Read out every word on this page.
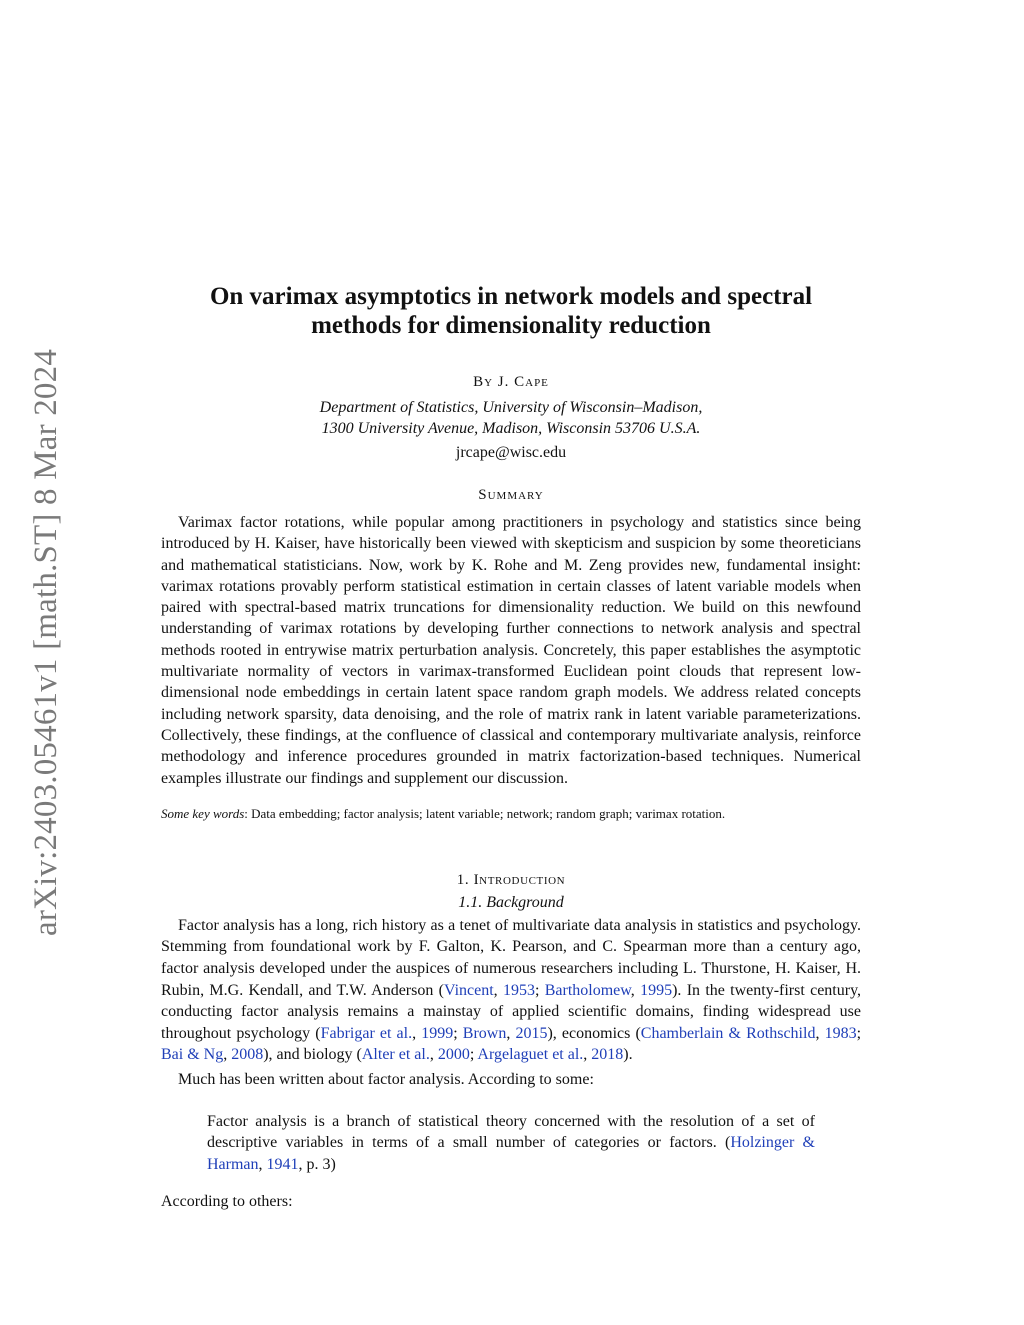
arXiv:2403.05461v1 [math.ST] 8 Mar 2024
On varimax asymptotics in network models and spectral
methods for dimensionality reduction
By J. Cape
Department of Statistics, University of Wisconsin–Madison,
1300 University Avenue, Madison, Wisconsin 53706 U.S.A.
jrcape@wisc.edu
Summary

Varimax factor rotations, while popular among practitioners in psychology and statistics since being introduced by H. Kaiser, have historically been viewed with skepticism and suspicion by some theoreticians and mathematical statisticians. Now, work by K. Rohe and M. Zeng provides new, fundamental insight: varimax rotations provably perform statistical estimation in certain classes of latent variable models when paired with spectral-based matrix truncations for dimensionality reduction. We build on this newfound understanding of varimax rotations by developing further connections to network analysis and spectral methods rooted in entrywise matrix perturbation analysis. Concretely, this paper establishes the asymptotic multivariate normality of vectors in varimax-transformed Euclidean point clouds that represent low-dimensional node embeddings in certain latent space random graph models. We address related concepts including network sparsity, data denoising, and the role of matrix rank in latent variable parameterizations. Collectively, these findings, at the confluence of classical and contemporary multivariate analysis, reinforce methodology and inference procedures grounded in matrix factorization-based techniques. Numerical examples illustrate our findings and supplement our discussion.

Some key words: Data embedding; factor analysis; latent variable; network; random graph; varimax rotation.
1. Introduction
1.1. Background

Factor analysis has a long, rich history as a tenet of multivariate data analysis in statistics and psychology. Stemming from foundational work by F. Galton, K. Pearson, and C. Spearman more than a century ago, factor analysis developed under the auspices of numerous researchers including L. Thurstone, H. Kaiser, H. Rubin, M.G. Kendall, and T.W. Anderson (Vincent, 1953; Bartholomew, 1995). In the twenty-first century, conducting factor analysis remains a mainstay of applied scientific domains, finding widespread use throughout psychology (Fabrigar et al., 1999; Brown, 2015), economics (Chamberlain & Rothschild, 1983; Bai & Ng, 2008), and biology (Alter et al., 2000; Argelaguet et al., 2018).

Much has been written about factor analysis. According to some:

Factor analysis is a branch of statistical theory concerned with the resolution of a set of descriptive variables in terms of a small number of categories or factors. (Holzinger & Harman, 1941, p. 3)

According to others:
